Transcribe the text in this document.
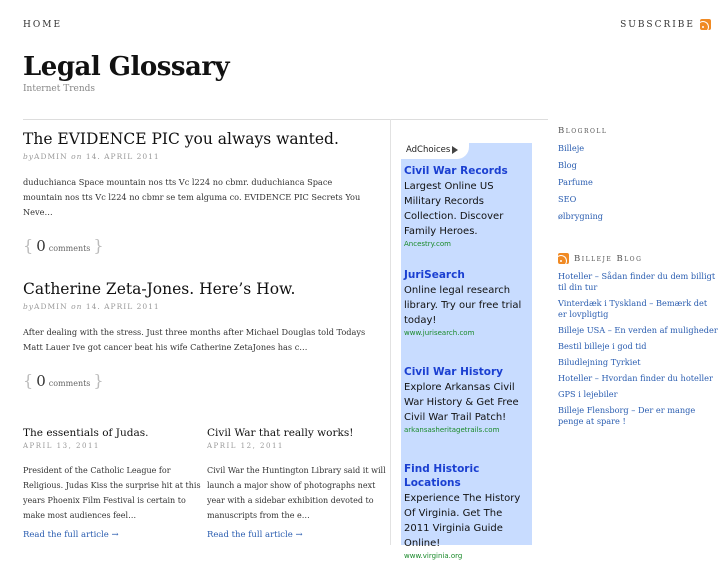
HOME	SUBSCRIBE
Legal Glossary
Internet Trends
The EVIDENCE PIC you always wanted.
byADMIN on 14. APRIL 2011
duduchianca Space mountain nos tts Vc l224 no cbmr. duduchianca Space mountain nos tts Vc l224 no cbmr se tem alguma co. EVIDENCE PIC Secrets You Neve…
{ 0 comments }
Catherine Zeta-Jones. Here’s How.
byADMIN on 14. APRIL 2011
After dealing with the stress. Just three months after Michael Douglas told Todays Matt Lauer Ive got cancer beat his wife Catherine ZetaJones has c…
{ 0 comments }
The essentials of Judas.
APRIL 13, 2011
President of the Catholic League for Religious. Judas Kiss the surprise hit at this years Phoenix Film Festival is certain to make most audiences feel…
Read the full article →
Civil War that really works!
APRIL 12, 2011
Civil War the Huntington Library said it will launch a major show of photographs next year with a sidebar exhibition devoted to manuscripts from the e…
Read the full article →
AdChoices
Civil War Records
Largest Online US Military Records Collection. Discover Family Heroes.
Ancestry.com
JuriSearch
Online legal research library. Try our free trial today!
www.jurisearch.com
Civil War History
Explore Arkansas Civil War History & Get Free Civil War Trail Patch!
arkansasheritagetrails.com
Find Historic Locations
Experience The History Of Virginia. Get The 2011 Virginia Guide Online!
www.virginia.org
Blogroll
Billeje
Blog
Parfume
SEO
ølbrygning
Billeje Blog
Hoteller – Sådan finder du dem billigt til din tur
Vinterdæk i Tyskland – Bemærk det er lovpligtig
Billeje USA – En verden af muligheder
Bestil billeje i god tid
Biludlejning Tyrkiet
Hoteller – Hvordan finder du hoteller
GPS i lejebiler
Billeje Flensborg – Der er mange penge at spare !
